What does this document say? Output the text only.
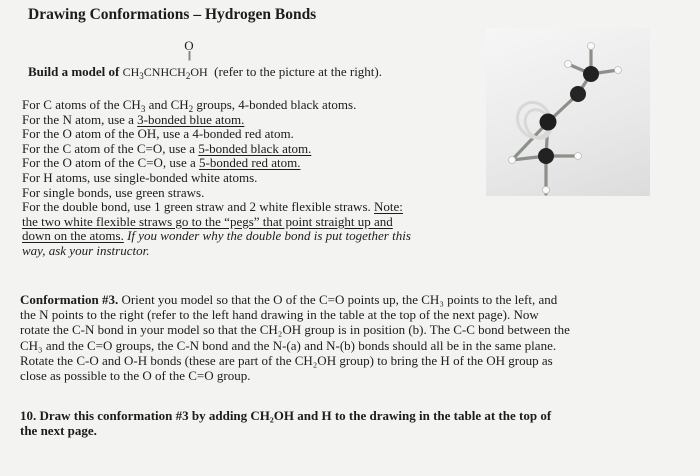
Drawing Conformations – Hydrogen Bonds
O
||
Build a model of $CH_3CNHCH_2OH$ (refer to the picture at the right).
For C atoms of the $CH_3$ and $CH_2$ groups, 4-bonded black atoms.
For the N atom, use a 3-bonded blue atom.
For the O atom of the OH, use a 4-bonded red atom.
For the C atom of the C=O, use a 5-bonded black atom.
For the O atom of the C=O, use a 5-bonded red atom.
For H atoms, use single-bonded white atoms.
For single bonds, use green straws.
For the double bond, use 1 green straw and 2 white flexible straws. Note:
the two white flexible straws go to the “pegs” that point straight up and
down on the atoms. If you wonder why the double bond is put together this
way, ask your instructor.
Conformation #3. Orient you model so that the O of the C=O points up, the CH₃ points to the left, and
the N points to the right (refer to the left hand drawing in the table at the top of the next page). Now
rotate the C-N bond in your model so that the CH₂OH group is in position (b). The C-C bond between the
CH₃ and the C=O groups, the C-N bond and the N-(a) and N-(b) bonds should all be in the same plane.
Rotate the C-O and O-H bonds (these are part of the CH₂OH group) to bring the H of the OH group as
close as possible to the O of the C=O group.
10. Draw this conformation #3 by adding CH₂OH and H to the drawing in the table at the top of
the next page.
